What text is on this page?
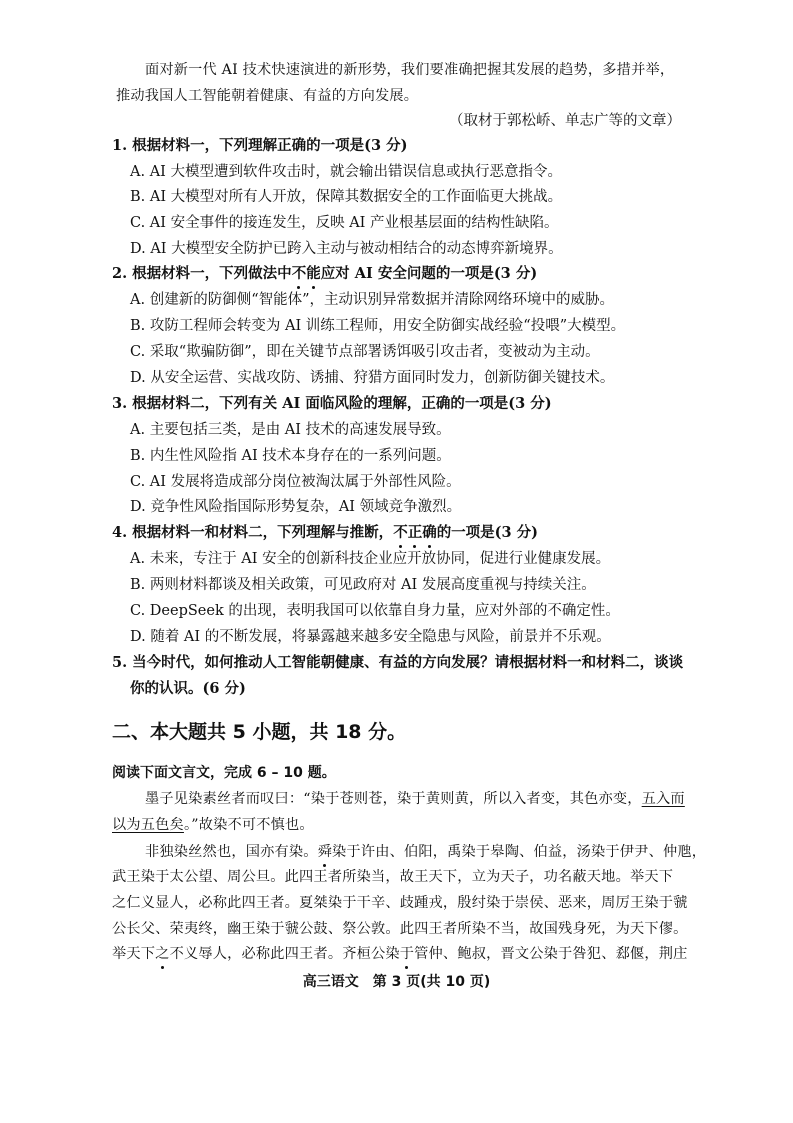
面对新一代 AI 技术快速演进的新形势，我们要准确把握其发展的趋势，多措并举，
推动我国人工智能朝着健康、有益的方向发展。
（取材于郭松峤、单志广等的文章）
1. 根据材料一，下列理解正确的一项是(3 分)
A. AI 大模型遭到软件攻击时，就会输出错误信息或执行恶意指令。
B. AI 大模型对所有人开放，保障其数据安全的工作面临更大挑战。
C. AI 安全事件的接连发生，反映 AI 产业根基层面的结构性缺陷。
D. AI 大模型安全防护已跨入主动与被动相结合的动态博弈新境界。
2. 根据材料一，下列做法中不能应对 AI 安全问题的一项是(3 分)
A. 创建新的防御侧“智能体”，主动识别异常数据并清除网络环境中的威胁。
B. 攻防工程师会转变为 AI 训练工程师，用安全防御实战经验“投喂”大模型。
C. 采取“欺骗防御”，即在关键节点部署诱饵吸引攻击者，变被动为主动。
D. 从安全运营、实战攻防、诱捕、狩猎方面同时发力，创新防御关键技术。
3. 根据材料二，下列有关 AI 面临风险的理解，正确的一项是(3 分)
A. 主要包括三类，是由 AI 技术的高速发展导致。
B. 内生性风险指 AI 技术本身存在的一系列问题。
C. AI 发展将造成部分岗位被淘汰属于外部性风险。
D. 竞争性风险指国际形势复杂，AI 领域竞争激烈。
4. 根据材料一和材料二，下列理解与推断，不正确的一项是(3 分)
A. 未来，专注于 AI 安全的创新科技企业应开放协同，促进行业健康发展。
B. 两则材料都谈及相关政策，可见政府对 AI 发展高度重视与持续关注。
C. DeepSeek 的出现，表明我国可以依靠自身力量，应对外部的不确定性。
D. 随着 AI 的不断发展，将暴露越来越多安全隐患与风险，前景并不乐观。
5. 当今时代，如何推动人工智能朝健康、有益的方向发展？请根据材料一和材料二，谈谈
你的认识。(6 分)
二、本大题共 5 小题，共 18 分。
阅读下面文言文，完成 6 – 10 题。
墨子见染素丝者而叹曰：“染于苍则苍，染于黄则黄，所以入者变，其色亦变，五入而
以为五色矣。”故染不可不慎也。
非独染丝然也，国亦有染。舜染于许由、伯阳，禹染于皋陶、伯益，汤染于伊尹、仲虺，
武王染于太公望、周公旦。此四王者所染当，故王天下，立为天子，功名蔽天地。举天下
之仁义显人，必称此四王者。夏桀染于干辛、歧踵戎，殷纣染于崇侯、恶来，周厉王染于虢
公长父、荣夷终，幽王染于虢公鼓、祭公敦。此四王者所染不当，故国残身死，为天下僇。
举天下之不义辱人，必称此四王者。齐桓公染于管仲、鲍叔，晋文公染于咎犯、郄偃，荆庄
高三语文　第 3 页(共 10 页)
